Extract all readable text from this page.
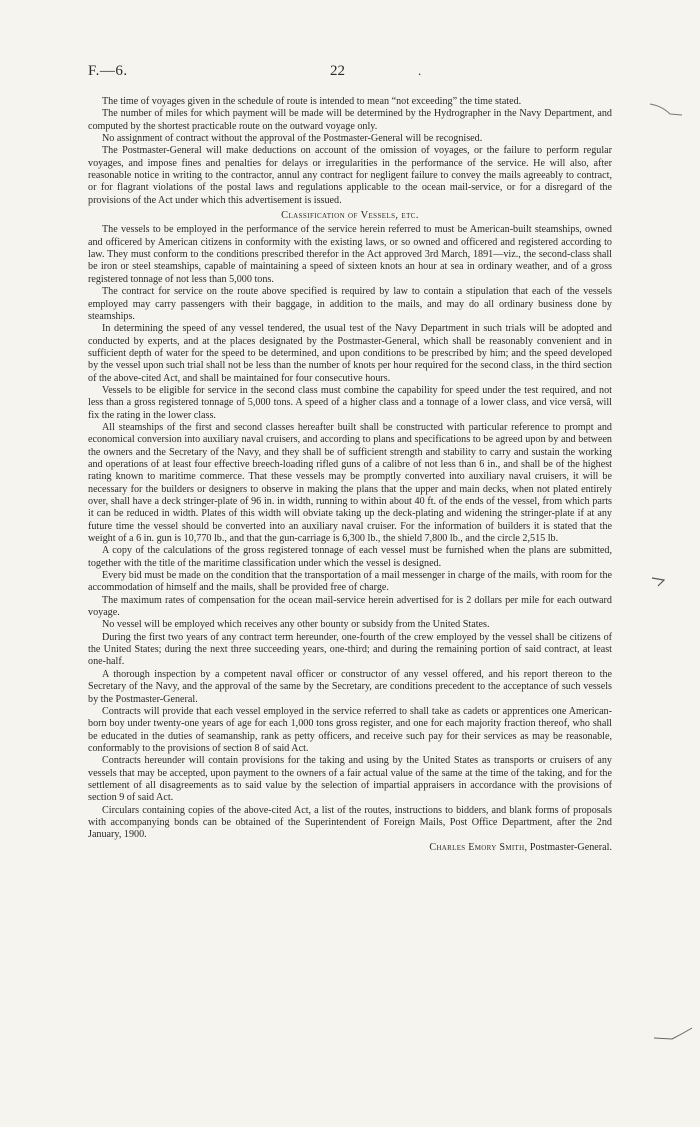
F.—6.	22	.

The time of voyages given in the schedule of route is intended to mean “not exceeding” the time stated.

The number of miles for which payment will be made will be determined by the Hydrographer in the Navy Department, and computed by the shortest practicable route on the outward voyage only.

No assignment of contract without the approval of the Postmaster-General will be recognised.

The Postmaster-General will make deductions on account of the omission of voyages, or the failure to perform regular voyages, and impose fines and penalties for delays or irregularities in the performance of the service. He will also, after reasonable notice in writing to the contractor, annul any contract for negligent failure to convey the mails agreeably to contract, or for flagrant violations of the postal laws and regulations applicable to the ocean mail-service, or for a disregard of the provisions of the Act under which this advertisement is issued.

Classification of Vessels, etc.

The vessels to be employed in the performance of the service herein referred to must be American-built steamships, owned and officered by American citizens in conformity with the existing laws, or so owned and officered and registered according to law. They must conform to the conditions prescribed therefor in the Act approved 3rd March, 1891—viz., the second-class shall be iron or steel steamships, capable of maintaining a speed of sixteen knots an hour at sea in ordinary weather, and of a gross registered tonnage of not less than 5,000 tons.

The contract for service on the route above specified is required by law to contain a stipulation that each of the vessels employed may carry passengers with their baggage, in addition to the mails, and may do all ordinary business done by steamships.

In determining the speed of any vessel tendered, the usual test of the Navy Department in such trials will be adopted and conducted by experts, and at the places designated by the Postmaster-General, which shall be reasonably convenient and in sufficient depth of water for the speed to be determined, and upon conditions to be prescribed by him; and the speed developed by the vessel upon such trial shall not be less than the number of knots per hour required for the second class, in the third section of the above-cited Act, and shall be maintained for four consecutive hours.

Vessels to be eligible for service in the second class must combine the capability for speed under the test required, and not less than a gross registered tonnage of 5,000 tons. A speed of a higher class and a tonnage of a lower class, and vice versâ, will fix the rating in the lower class.

All steamships of the first and second classes hereafter built shall be constructed with particular reference to prompt and economical conversion into auxiliary naval cruisers, and according to plans and specifications to be agreed upon by and between the owners and the Secretary of the Navy, and they shall be of sufficient strength and stability to carry and sustain the working and operations of at least four effective breech-loading rifled guns of a calibre of not less than 6 in., and shall be of the highest rating known to maritime commerce. That these vessels may be promptly converted into auxiliary naval cruisers, it will be necessary for the builders or designers to observe in making the plans that the upper and main decks, when not plated entirely over, shall have a deck stringer-plate of 96 in. in width, running to within about 40 ft. of the ends of the vessel, from which parts it can be reduced in width. Plates of this width will obviate taking up the deck-plating and widening the stringer-plate if at any future time the vessel should be converted into an auxiliary naval cruiser. For the information of builders it is stated that the weight of a 6 in. gun is 10,770 lb., and that the gun-carriage is 6,300 lb., the shield 7,800 lb., and the circle 2,515 lb.

A copy of the calculations of the gross registered tonnage of each vessel must be furnished when the plans are submitted, together with the title of the maritime classification under which the vessel is designed.

Every bid must be made on the condition that the transportation of a mail messenger in charge of the mails, with room for the accommodation of himself and the mails, shall be provided free of charge.

The maximum rates of compensation for the ocean mail-service herein advertised for is 2 dollars per mile for each outward voyage.

No vessel will be employed which receives any other bounty or subsidy from the United States.

During the first two years of any contract term hereunder, one-fourth of the crew employed by the vessel shall be citizens of the United States; during the next three succeeding years, one-third; and during the remaining portion of said contract, at least one-half.

A thorough inspection by a competent naval officer or constructor of any vessel offered, and his report thereon to the Secretary of the Navy, and the approval of the same by the Secretary, are conditions precedent to the acceptance of such vessels by the Postmaster-General.

Contracts will provide that each vessel employed in the service referred to shall take as cadets or apprentices one American-born boy under twenty-one years of age for each 1,000 tons gross register, and one for each majority fraction thereof, who shall be educated in the duties of seamanship, rank as petty officers, and receive such pay for their services as may be reasonable, conformably to the provisions of section 8 of said Act.

Contracts hereunder will contain provisions for the taking and using by the United States as transports or cruisers of any vessels that may be accepted, upon payment to the owners of a fair actual value of the same at the time of the taking, and for the settlement of all disagreements as to said value by the selection of impartial appraisers in accordance with the provisions of section 9 of said Act.

Circulars containing copies of the above-cited Act, a list of the routes, instructions to bidders, and blank forms of proposals with accompanying bonds can be obtained of the Superintendent of Foreign Mails, Post Office Department, after the 2nd January, 1900.

Charles Emory Smith, Postmaster-General.
